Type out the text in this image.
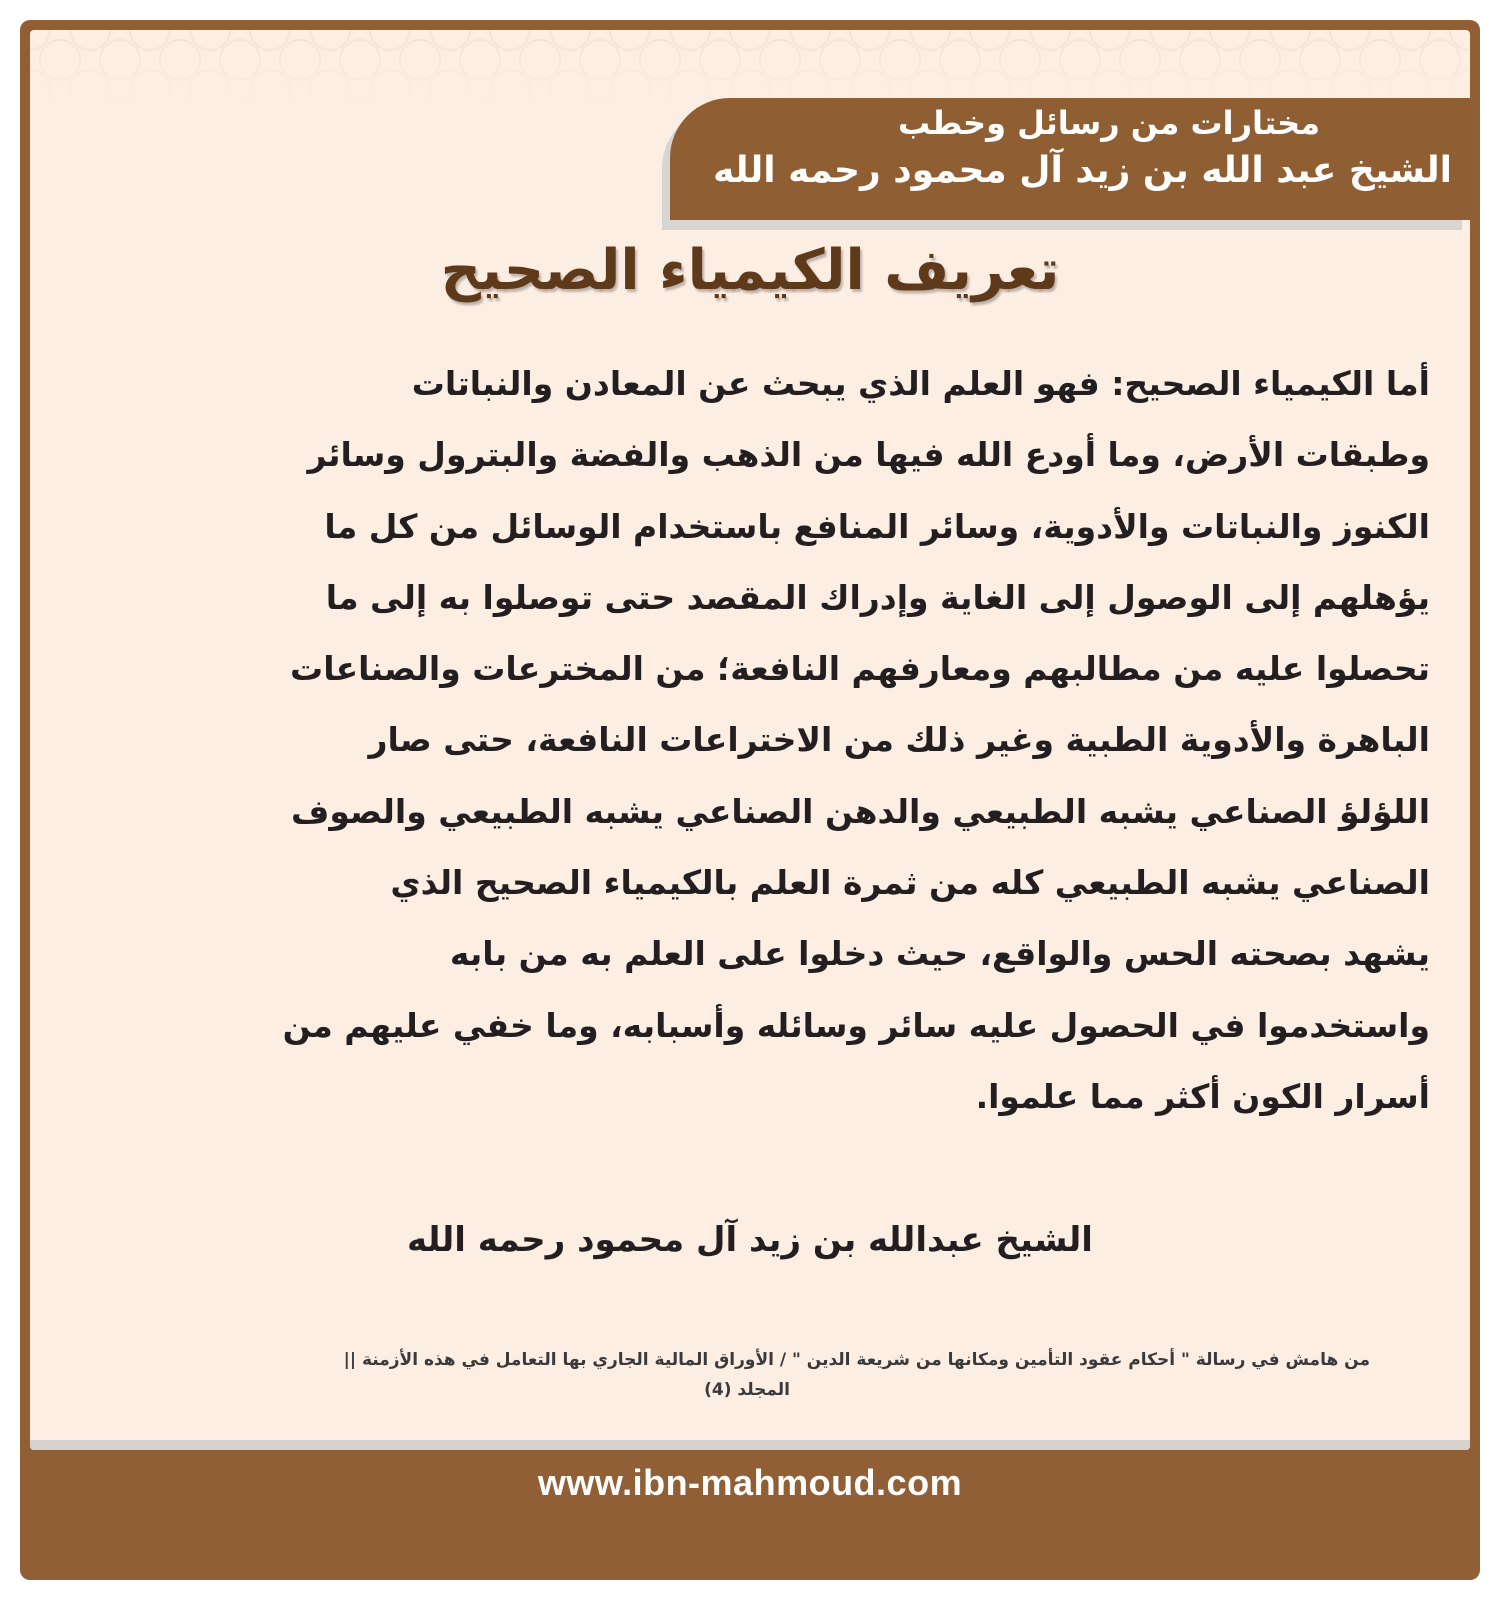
مختارات من رسائل وخطب
الشيخ عبد الله بن زيد آل محمود رحمه الله
تعريف الكيمياء الصحيح
أما الكيمياء الصحيح: فهو العلم الذي يبحث عن المعادن والنباتات
وطبقات الأرض، وما أودع الله فيها من الذهب والفضة والبترول وسائر
الكنوز والنباتات والأدوية، وسائر المنافع باستخدام الوسائل من كل ما
يؤهلهم إلى الوصول إلى الغاية وإدراك المقصد حتى توصلوا به إلى ما
تحصلوا عليه من مطالبهم ومعارفهم النافعة؛ من المخترعات والصناعات
الباهرة والأدوية الطبية وغير ذلك من الاختراعات النافعة، حتى صار
اللؤلؤ الصناعي يشبه الطبيعي والدهن الصناعي يشبه الطبيعي والصوف
الصناعي يشبه الطبيعي كله من ثمرة العلم بالكيمياء الصحيح الذي
يشهد بصحته الحس والواقع، حيث دخلوا على العلم به من بابه
واستخدموا في الحصول عليه سائر وسائله وأسبابه، وما خفي عليهم من
أسرار الكون أكثر مما علموا.
الشيخ عبدالله بن زيد آل محمود رحمه الله
من هامش في رسالة " أحكام عقود التأمين ومكانها من شريعة الدين " / الأوراق المالية الجاري بها التعامل في هذه الأزمنة ||
المجلد (4)
www.ibn-mahmoud.com
